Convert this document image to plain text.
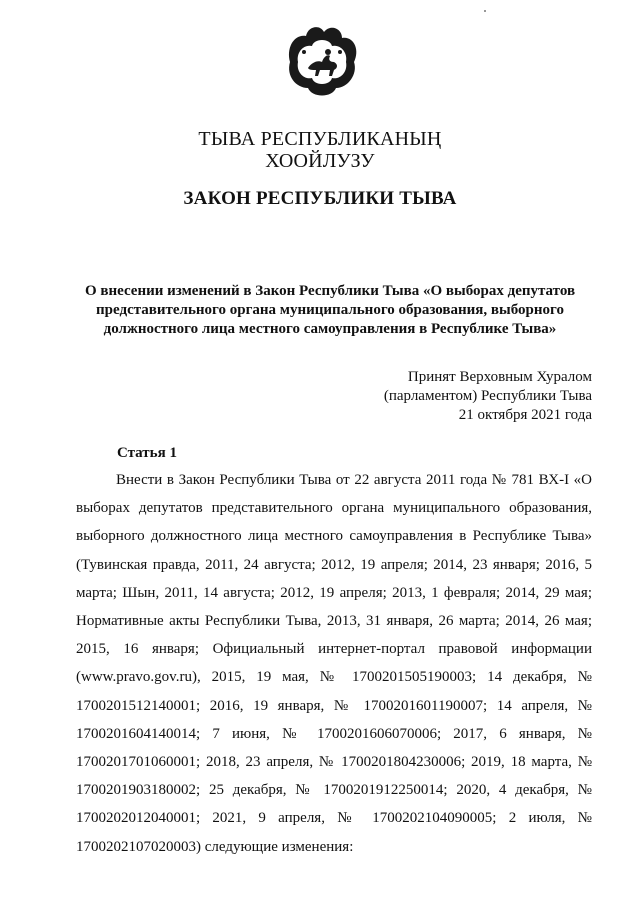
ТЫВА РЕСПУБЛИКАНЫҢ
ХООЙЛУЗУ
ЗАКОН РЕСПУБЛИКИ ТЫВА
О внесении изменений в Закон Республики Тыва «О выборах депутатов представительного органа муниципального образования, выборного должностного лица местного самоуправления в Республике Тыва»
Принят Верховным Хуралом
(парламентом) Республики Тыва
21 октября 2021 года
Статья 1

Внести в Закон Республики Тыва от 22 августа 2011 года № 781 ВХ-I «О выборах депутатов представительного органа муниципального образования, выборного должностного лица местного самоуправления в Республике Тыва» (Тувинская правда, 2011, 24 августа; 2012, 19 апреля; 2014, 23 января; 2016, 5 марта; Шын, 2011, 14 августа; 2012, 19 апреля; 2013, 1 февраля; 2014, 29 мая; Нормативные акты Республики Тыва, 2013, 31 января, 26 марта; 2014, 26 мая; 2015, 16 января; Официальный интернет-портал правовой информации (www.pravo.gov.ru), 2015, 19 мая, № 1700201505190003; 14 декабря, № 1700201512140001; 2016, 19 января, № 1700201601190007; 14 апреля, № 1700201604140014; 7 июня, № 1700201606070006; 2017, 6 января, № 1700201701060001; 2018, 23 апреля, № 1700201804230006; 2019, 18 марта, № 1700201903180002; 25 декабря, № 1700201912250014; 2020, 4 декабря, № 1700202012040001; 2021, 9 апреля, № 1700202104090005; 2 июля, № 1700202107020003) следующие изменения:
